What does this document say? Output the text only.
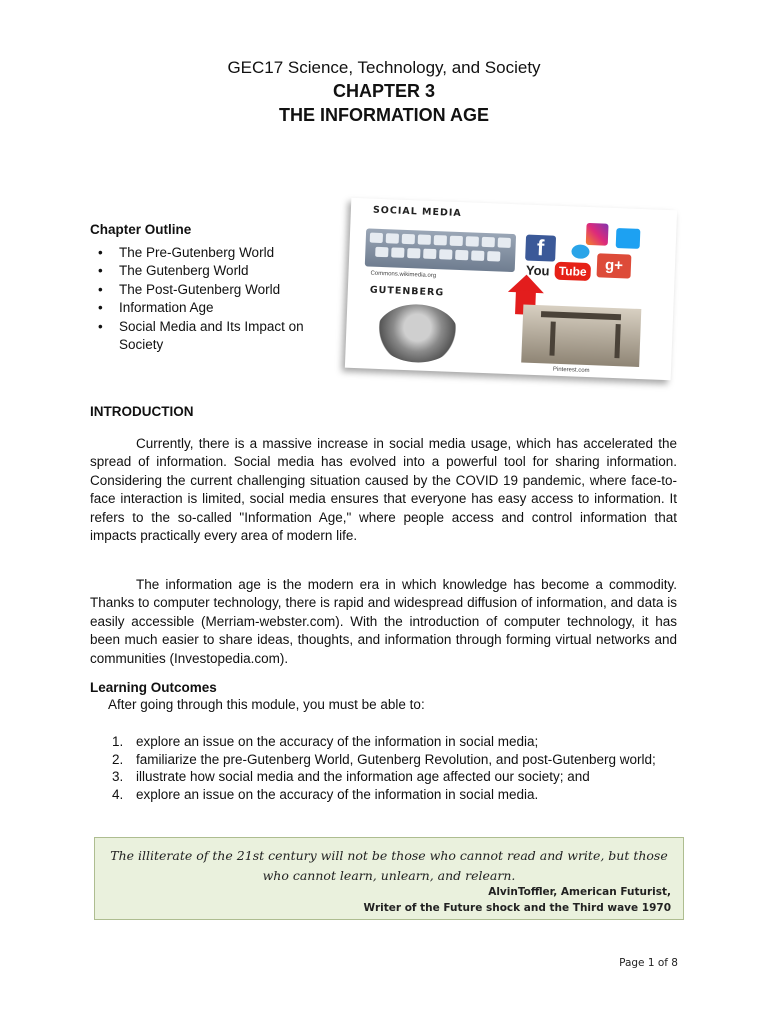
GEC17 Science, Technology, and Society
CHAPTER 3
THE INFORMATION AGE
Chapter Outline
• The Pre-Gutenberg World
• The Gutenberg World
• The Post-Gutenberg World
• Information Age
• Social Media and Its Impact on Society
SOCIAL MEDIA
Commons.wikimedia.org
f
You Tube	g+
GUTENBERG
Pinterest.com
INTRODUCTION

Currently, there is a massive increase in social media usage, which has accelerated the spread of information. Social media has evolved into a powerful tool for sharing information. Considering the current challenging situation caused by the COVID 19 pandemic, where face-to-face interaction is limited, social media ensures that everyone has easy access to information. It refers to the so-called "Information Age," where people access and control information that impacts practically every area of modern life.

The information age is the modern era in which knowledge has become a commodity. Thanks to computer technology, there is rapid and widespread diffusion of information, and data is easily accessible (Merriam-webster.com). With the introduction of computer technology, it has been much easier to share ideas, thoughts, and information through forming virtual networks and communities (Investopedia.com).

Learning Outcomes
After going through this module, you must be able to:
1. explore an issue on the accuracy of the information in social media;
2. familiarize the pre-Gutenberg World, Gutenberg Revolution, and post-Gutenberg world;
3. illustrate how social media and the information age affected our society; and
4. explore an issue on the accuracy of the information in social media.
The illiterate of the 21st century will not be those who cannot read and write, but those who cannot learn, unlearn, and relearn.
AlvinToffler, American Futurist,
Writer of the Future shock and the Third wave 1970
Page 1 of 8
